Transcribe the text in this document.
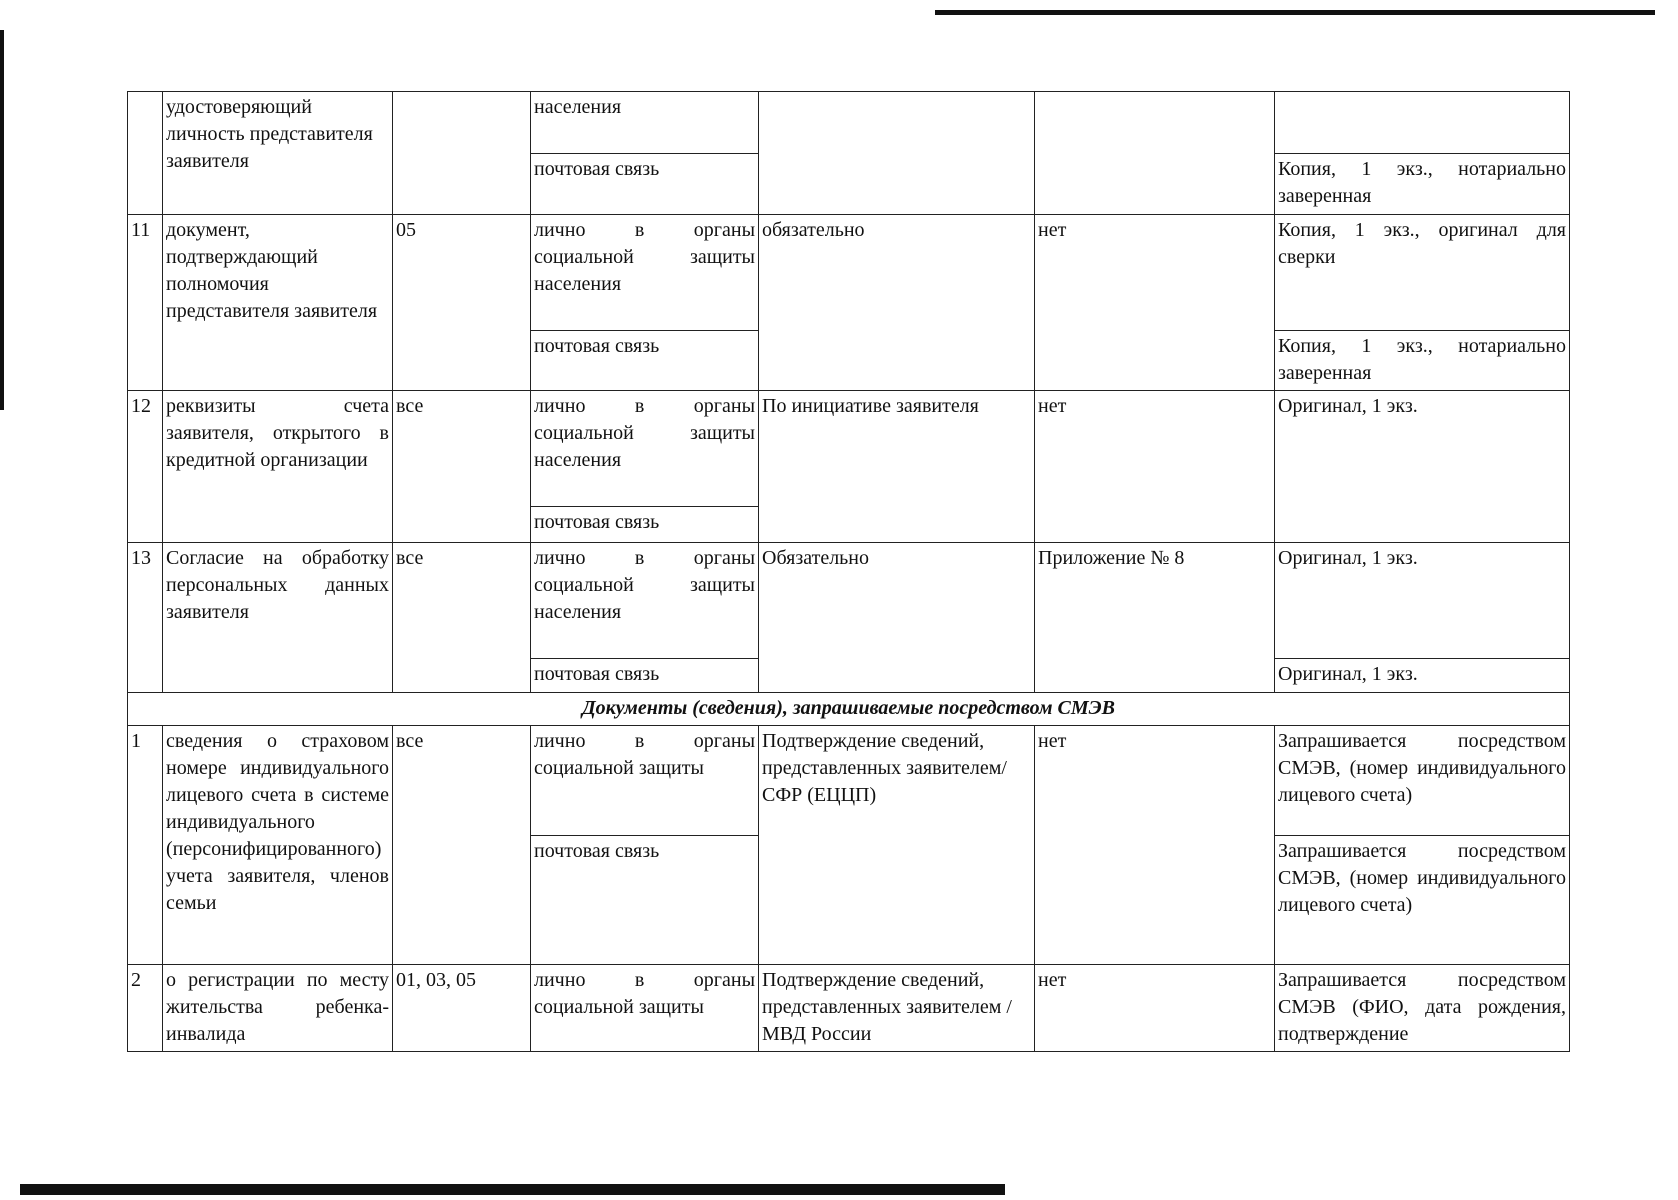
	удостоверяющий личность представителя заявителя		населения			
			почтовая связь			Копия, 1 экз., нотариально заверенная
11	документ, подтверждающий полномочия представителя заявителя	05	лично в органы социальной защиты населения	обязательно	нет	Копия, 1 экз., оригинал для сверки
			почтовая связь			Копия, 1 экз., нотариально заверенная
12	реквизиты счета заявителя, открытого в кредитной организации	все	лично в органы социальной защиты населения	По инициативе заявителя	нет	Оригинал, 1 экз.
			почтовая связь			
13	Согласие на обработку персональных данных заявителя	все	лично в органы социальной защиты населения	Обязательно	Приложение № 8	Оригинал, 1 экз.
			почтовая связь			Оригинал, 1 экз.
Документы (сведения), запрашиваемые посредством СМЭВ						
1	сведения о страховом номере индивидуального лицевого счета в системе индивидуального (персонифицированного) учета заявителя, членов семьи	все	лично в органы социальной защиты	Подтверждение сведений, представленных заявителем/ СФР (ЕЦЦП)	нет	Запрашивается посредством СМЭВ, (номер индивидуального лицевого счета)
			почтовая связь			Запрашивается посредством СМЭВ, (номер индивидуального лицевого счета)
2	о регистрации по месту жительства ребенка-инвалида	01, 03, 05	лично в органы социальной защиты	Подтверждение сведений, представленных заявителем / МВД России	нет	Запрашивается посредством СМЭВ (ФИО, дата рождения, подтверждение
